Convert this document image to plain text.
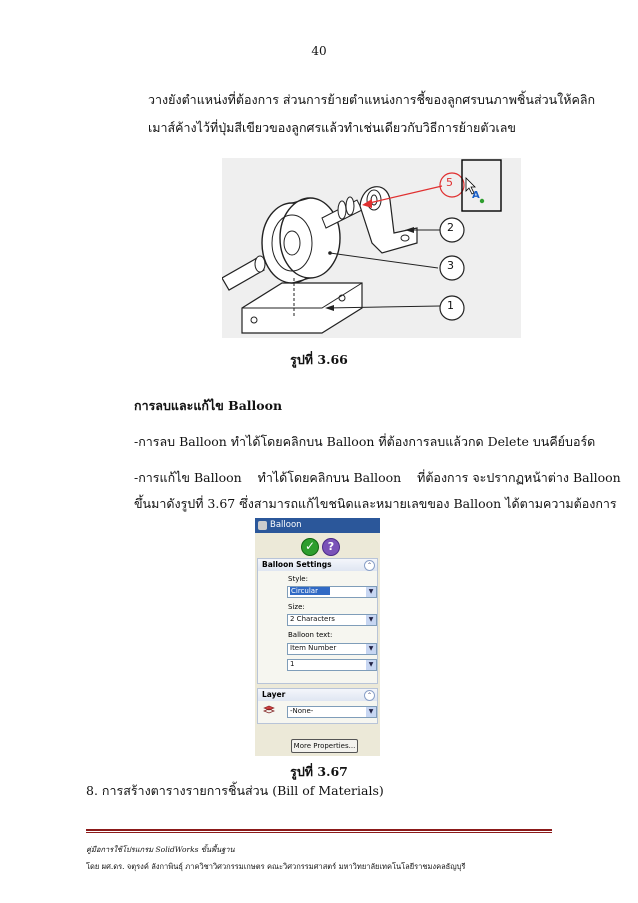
40
วางยังตำแหน่งที่ต้องการ ส่วนการย้ายตำแหน่งการชี้ของลูกศรบนภาพชิ้นส่วนให้คลิก
เมาส์ค้างไว้ที่ปุ่มสีเขียวของลูกศรแล้วทำเช่นเดียวกับวิธีการย้ายตัวเลข
A
5
2
3
1
รูปที่ 3.66
การลบและแก้ไข Balloon
-การลบ Balloon ทำได้โดยคลิกบน Balloon ที่ต้องการลบแล้วกด Delete บนคีย์บอร์ด
-การแก้ไข Balloon    ทำได้โดยคลิกบน Balloon    ที่ต้องการ จะปรากฏหน้าต่าง Balloon
ขึ้นมาดังรูปที่ 3.67 ซึ่งสามารถแก้ไขชนิดและหมายเลขของ Balloon ได้ตามความต้องการ
Balloon
✓
?
Balloon Settings	⌃
Style:
Circular	▼
Size:
2 Characters	▼
Balloon text:
Item Number	▼
1	▼
Layer	⌃
-None-	▼
More Properties...
รูปที่ 3.67
8. การสร้างตารางรายการชิ้นส่วน (Bill of Materials)
คู่มือการใช้โปรแกรม SolidWorks ขั้นพื้นฐาน
โดย ผศ.ดร. จตุรงค์ ลังกาพินธุ์ ภาควิชาวิศวกรรมเกษตร คณะวิศวกรรมศาสตร์ มหาวิทยาลัยเทคโนโลยีราชมงคลธัญบุรี
